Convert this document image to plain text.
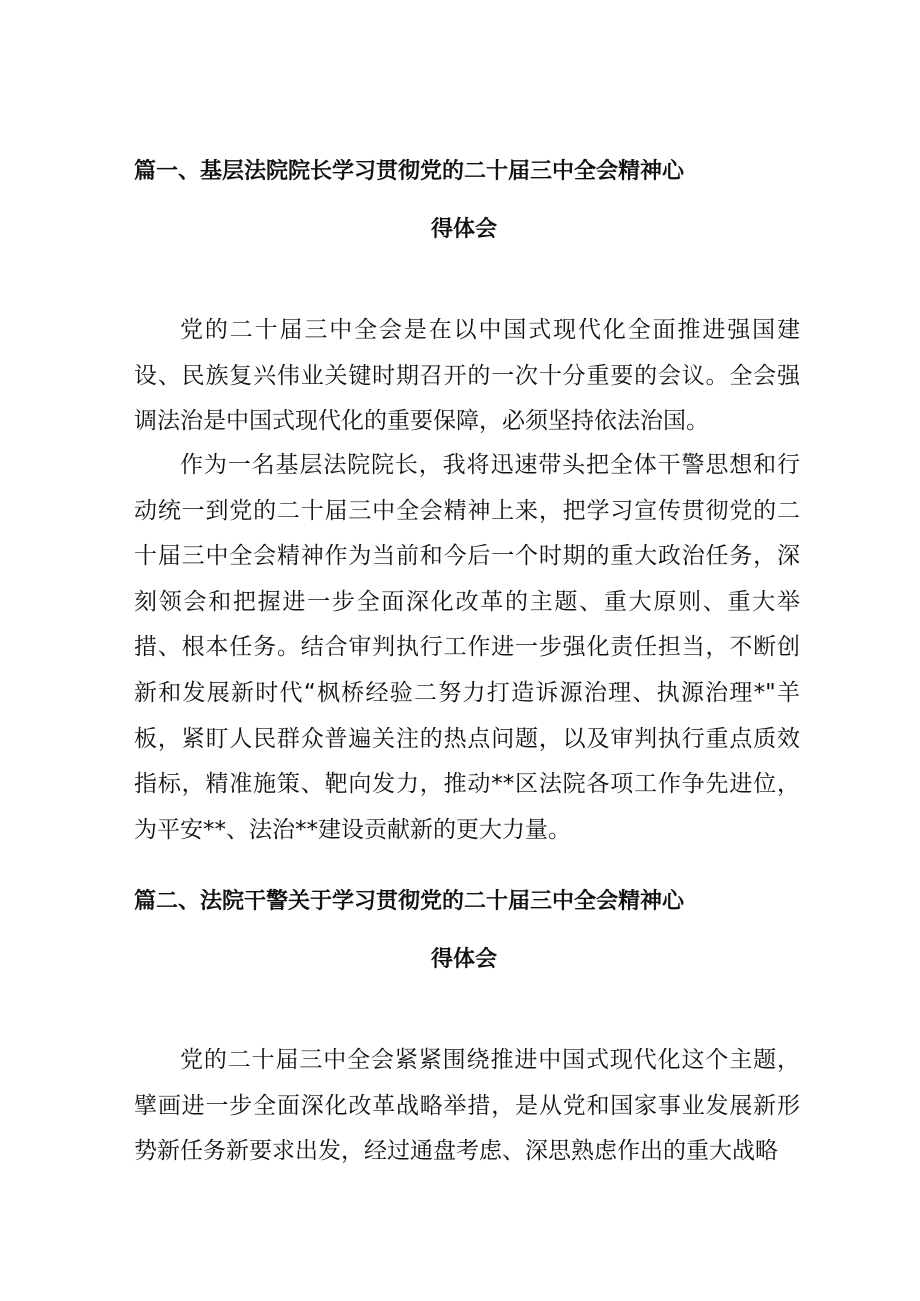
篇一、基层法院院长学习贯彻党的二十届三中全会精神心
得体会

党的二十届三中全会是在以中国式现代化全面推进强国建设、民族复兴伟业关键时期召开的一次十分重要的会议。全会强调法治是中国式现代化的重要保障，必须坚持依法治国。

作为一名基层法院院长，我将迅速带头把全体干警思想和行动统一到党的二十届三中全会精神上来，把学习宣传贯彻党的二十届三中全会精神作为当前和今后一个时期的重大政治任务，深刻领会和把握进一步全面深化改革的主题、重大原则、重大举措、根本任务。结合审判执行工作进一步强化责任担当，不断创新和发展新时代“枫桥经验二努力打造诉源治理、执源治理*"羊板，紧盯人民群众普遍关注的热点问题，以及审判执行重点质效指标，精准施策、靶向发力，推动**区法院各项工作争先进位，为平安**、法治**建设贡献新的更大力量。

篇二、法院干警关于学习贯彻党的二十届三中全会精神心
得体会

党的二十届三中全会紧紧围绕推进中国式现代化这个主题，擘画进一步全面深化改革战略举措，是从党和国家事业发展新形势新任务新要求出发，经过通盘考虑、深思熟虑作出的重大战略
